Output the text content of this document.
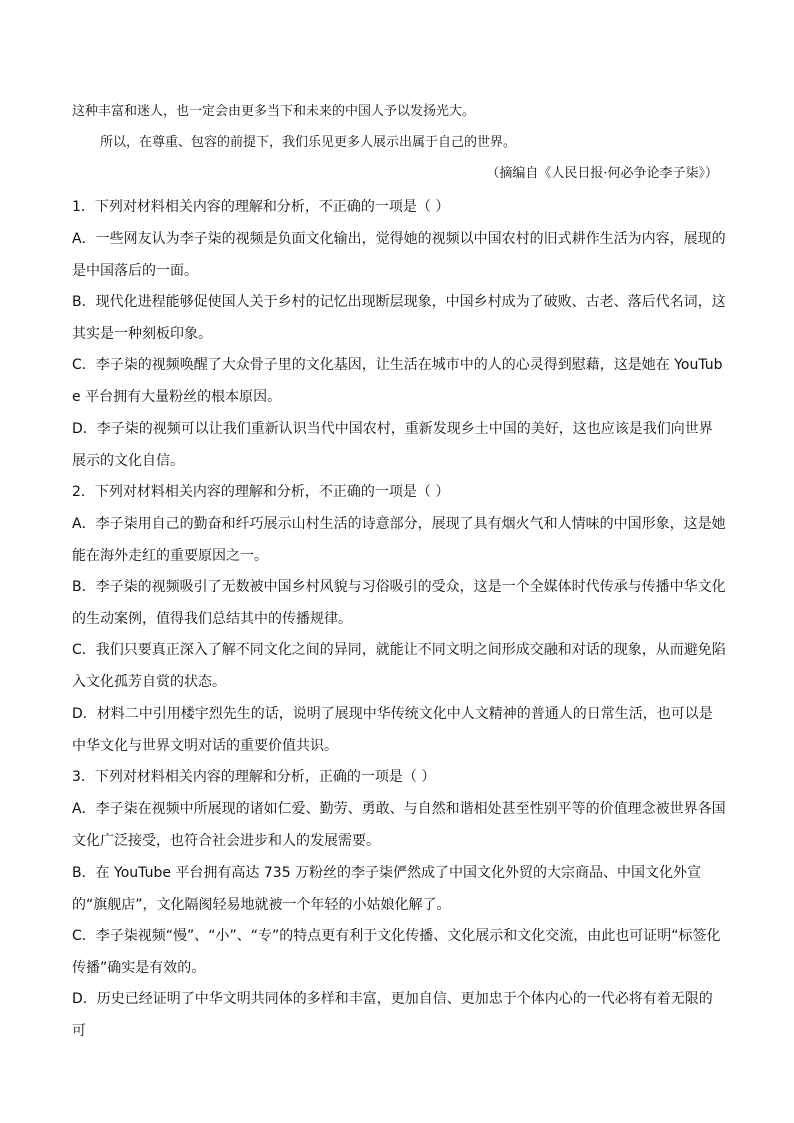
这种丰富和迷人，也一定会由更多当下和未来的中国人予以发扬光大。
所以，在尊重、包容的前提下，我们乐见更多人展示出属于自己的世界。
（摘编自《人民日报·何必争论李子柒》）
1．下列对材料相关内容的理解和分析，不正确的一项是（ ）
A．一些网友认为李子柒的视频是负面文化输出，觉得她的视频以中国农村的旧式耕作生活为内容，展现的是中国落后的一面。
B．现代化进程能够促使国人关于乡村的记忆出现断层现象，中国乡村成为了破败、古老、落后代名词，这其实是一种刻板印象。
C．李子柒的视频唤醒了大众骨子里的文化基因，让生活在城市中的人的心灵得到慰藉，这是她在 YouTube 平台拥有大量粉丝的根本原因。
D．李子柒的视频可以让我们重新认识当代中国农村，重新发现乡土中国的美好，这也应该是我们向世界展示的文化自信。
2．下列对材料相关内容的理解和分析，不正确的一项是（ ）
A．李子柒用自己的勤奋和纤巧展示山村生活的诗意部分，展现了具有烟火气和人情味的中国形象，这是她能在海外走红的重要原因之一。
B．李子柒的视频吸引了无数被中国乡村风貌与习俗吸引的受众，这是一个全媒体时代传承与传播中华文化的生动案例，值得我们总结其中的传播规律。
C．我们只要真正深入了解不同文化之间的异同，就能让不同文明之间形成交融和对话的现象，从而避免陷入文化孤芳自赏的状态。
D．材料二中引用楼宇烈先生的话，说明了展现中华传统文化中人文精神的普通人的日常生活，也可以是中华文化与世界文明对话的重要价值共识。
3．下列对材料相关内容的理解和分析，正确的一项是（ ）
A．李子柒在视频中所展现的诸如仁爱、勤劳、勇敢、与自然和谐相处甚至性别平等的价值理念被世界各国文化广泛接受，也符合社会进步和人的发展需要。
B．在 YouTube 平台拥有高达 735 万粉丝的李子柒俨然成了中国文化外贸的大宗商品、中国文化外宣的“旗舰店”，文化隔阂轻易地就被一个年轻的小姑娘化解了。
C．李子柒视频“慢”、“小”、“专”的特点更有利于文化传播、文化展示和文化交流，由此也可证明“标签化传播”确实是有效的。
D．历史已经证明了中华文明共同体的多样和丰富，更加自信、更加忠于个体内心的一代必将有着无限的可
